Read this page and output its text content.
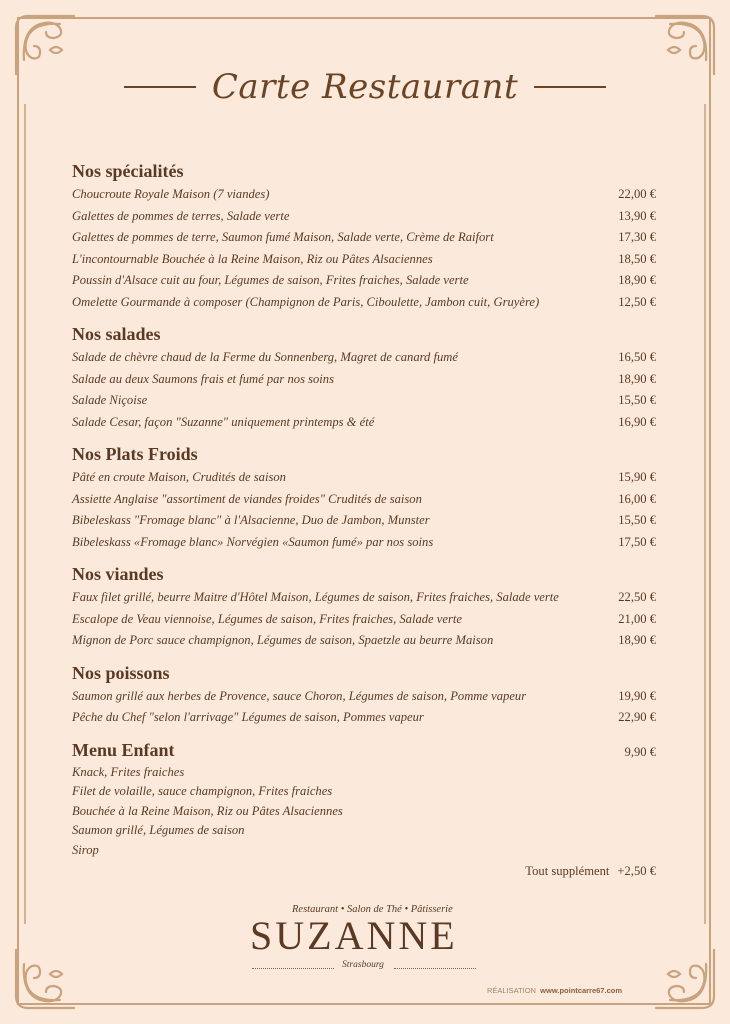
Carte Restaurant
Nos spécialités
Choucroute Royale Maison (7 viandes)	22,00 €
Galettes de pommes de terres, Salade verte	13,90 €
Galettes de pommes de terre, Saumon fumé Maison, Salade verte, Crème de Raifort	17,30 €
L'incontournable Bouchée à la Reine Maison, Riz ou Pâtes Alsaciennes	18,50 €
Poussin d'Alsace cuit au four, Légumes de saison, Frites fraiches, Salade verte	18,90 €
Omelette Gourmande à composer (Champignon de Paris, Ciboulette, Jambon cuit, Gruyère)	12,50 €
Nos salades
Salade de chèvre chaud de la Ferme du Sonnenberg, Magret de canard fumé	16,50 €
Salade au deux Saumons frais et fumé par nos soins	18,90 €
Salade Niçoise	15,50 €
Salade Cesar, façon "Suzanne" uniquement printemps & été	16,90 €
Nos Plats Froids
Pâté en croute Maison, Crudités de saison	15,90 €
Assiette Anglaise "assortiment de viandes froides" Crudités de saison	16,00 €
Bibeleskass "Fromage blanc" à l'Alsacienne, Duo de Jambon, Munster	15,50 €
Bibeleskass «Fromage blanc» Norvégien «Saumon fumé» par nos soins	17,50 €
Nos viandes
Faux filet grillé, beurre Maitre d'Hôtel Maison, Légumes de saison, Frites fraiches, Salade verte	22,50 €
Escalope de Veau viennoise, Légumes de saison, Frites fraiches, Salade verte	21,00 €
Mignon de Porc sauce champignon, Légumes de saison, Spaetzle au beurre Maison	18,90 €
Nos poissons
Saumon grillé aux herbes de Provence, sauce Choron, Légumes de saison, Pomme vapeur	19,90 €
Pêche du Chef "selon l'arrivage" Légumes de saison, Pommes vapeur	22,90 €
Menu Enfant	9,90 €
Knack, Frites fraiches
Filet de volaille, sauce champignon, Frites fraiches
Bouchée à la Reine Maison, Riz ou Pâtes Alsaciennes
Saumon grillé, Légumes de saison
Sirop
Tout supplément +2,50 €
Restaurant • Salon de Thé • Pâtisserie
SUZANNE
Strasbourg
RÉALISATION www.pointcarre67.com
